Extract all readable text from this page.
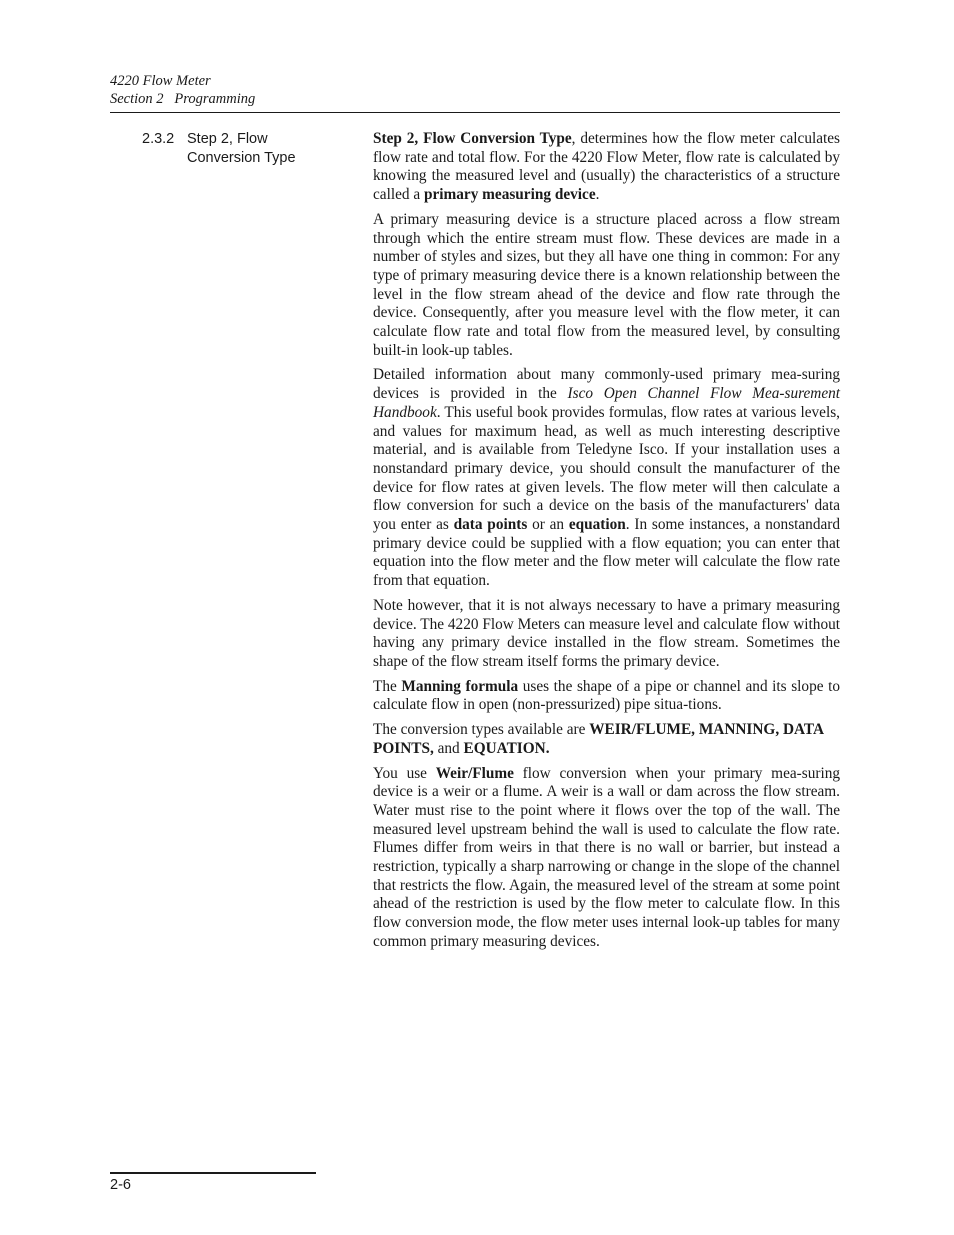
4220 Flow Meter
Section 2   Programming
2.3.2 Step 2, Flow Conversion Type

Step 2, Flow Conversion Type, determines how the flow meter calculates flow rate and total flow. For the 4220 Flow Meter, flow rate is calculated by knowing the measured level and (usually) the characteristics of a structure called a primary measuring device.

A primary measuring device is a structure placed across a flow stream through which the entire stream must flow. These devices are made in a number of styles and sizes, but they all have one thing in common: For any type of primary measuring device there is a known relationship between the level in the flow stream ahead of the device and flow rate through the device. Consequently, after you measure level with the flow meter, it can calculate flow rate and total flow from the measured level, by consulting built-in look-up tables.

Detailed information about many commonly-used primary mea-suring devices is provided in the Isco Open Channel Flow Mea-surement Handbook. This useful book provides formulas, flow rates at various levels, and values for maximum head, as well as much interesting descriptive material, and is available from Teledyne Isco. If your installation uses a nonstandard primary device, you should consult the manufacturer of the device for flow rates at given levels. The flow meter will then calculate a flow conversion for such a device on the basis of the manufacturers' data you enter as data points or an equation. In some instances, a nonstandard primary device could be supplied with a flow equation; you can enter that equation into the flow meter and the flow meter will calculate the flow rate from that equation.

Note however, that it is not always necessary to have a primary measuring device. The 4220 Flow Meters can measure level and calculate flow without having any primary device installed in the flow stream. Sometimes the shape of the flow stream itself forms the primary device.

The Manning formula uses the shape of a pipe or channel and its slope to calculate flow in open (non-pressurized) pipe situa-tions.

The conversion types available are WEIR/FLUME, MANNING, DATA POINTS, and EQUATION.

You use Weir/Flume flow conversion when your primary mea-suring device is a weir or a flume. A weir is a wall or dam across the flow stream. Water must rise to the point where it flows over the top of the wall. The measured level upstream behind the wall is used to calculate the flow rate. Flumes differ from weirs in that there is no wall or barrier, but instead a restriction, typically a sharp narrowing or change in the slope of the channel that restricts the flow. Again, the measured level of the stream at some point ahead of the restriction is used by the flow meter to calculate flow. In this flow conversion mode, the flow meter uses internal look-up tables for many common primary measuring devices.

2-6
